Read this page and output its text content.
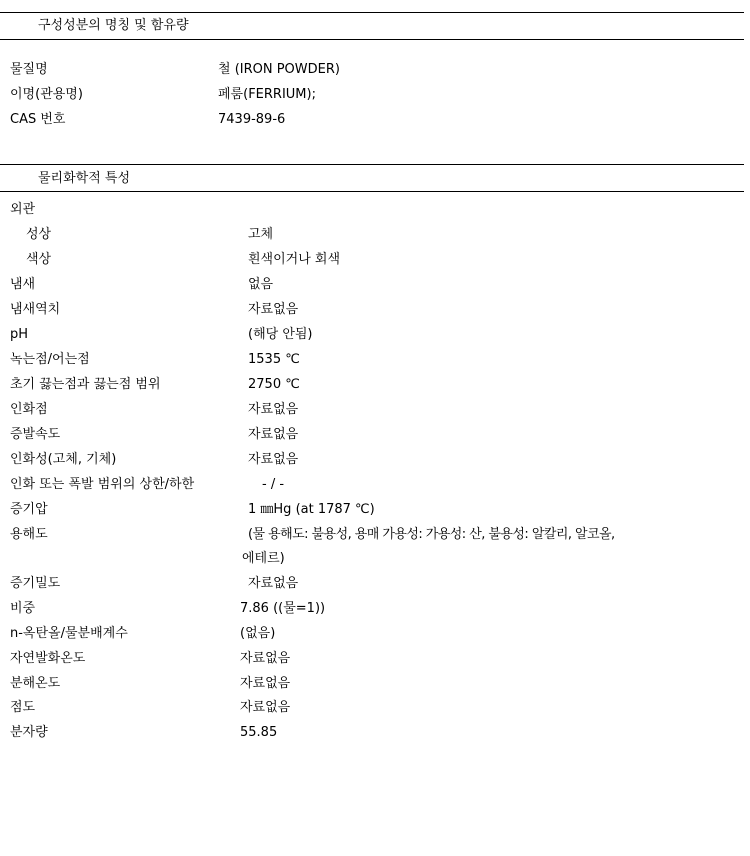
구성성분의 명칭 및 함유량
물질명	철 (IRON POWDER)
이명(관용명)	페룸(FERRIUM);
CAS 번호	7439-89-6
물리화학적 특성
외관
성상	고체
색상	흰색이거나 회색
냄새	없음
냄새역치	자료없음
pH	(해당 안됨)
녹는점/어는점	1535 ℃
초기 끓는점과 끓는점 범위	2750 ℃
인화점	자료없음
증발속도	자료없음
인화성(고체, 기체)	자료없음
인화 또는 폭발 범위의 상한/하한	- / -
증기압	1 ㎜Hg (at 1787 ℃)
용해도	(물 용해도: 불용성, 용매 가용성: 가용성: 산, 불용성: 알칼리, 알코올,
에테르)
증기밀도	자료없음
비중	7.86 ((물=1))
n-옥탄올/물분배계수	(없음)
자연발화온도	자료없음
분해온도	자료없음
점도	자료없음
분자량	55.85
